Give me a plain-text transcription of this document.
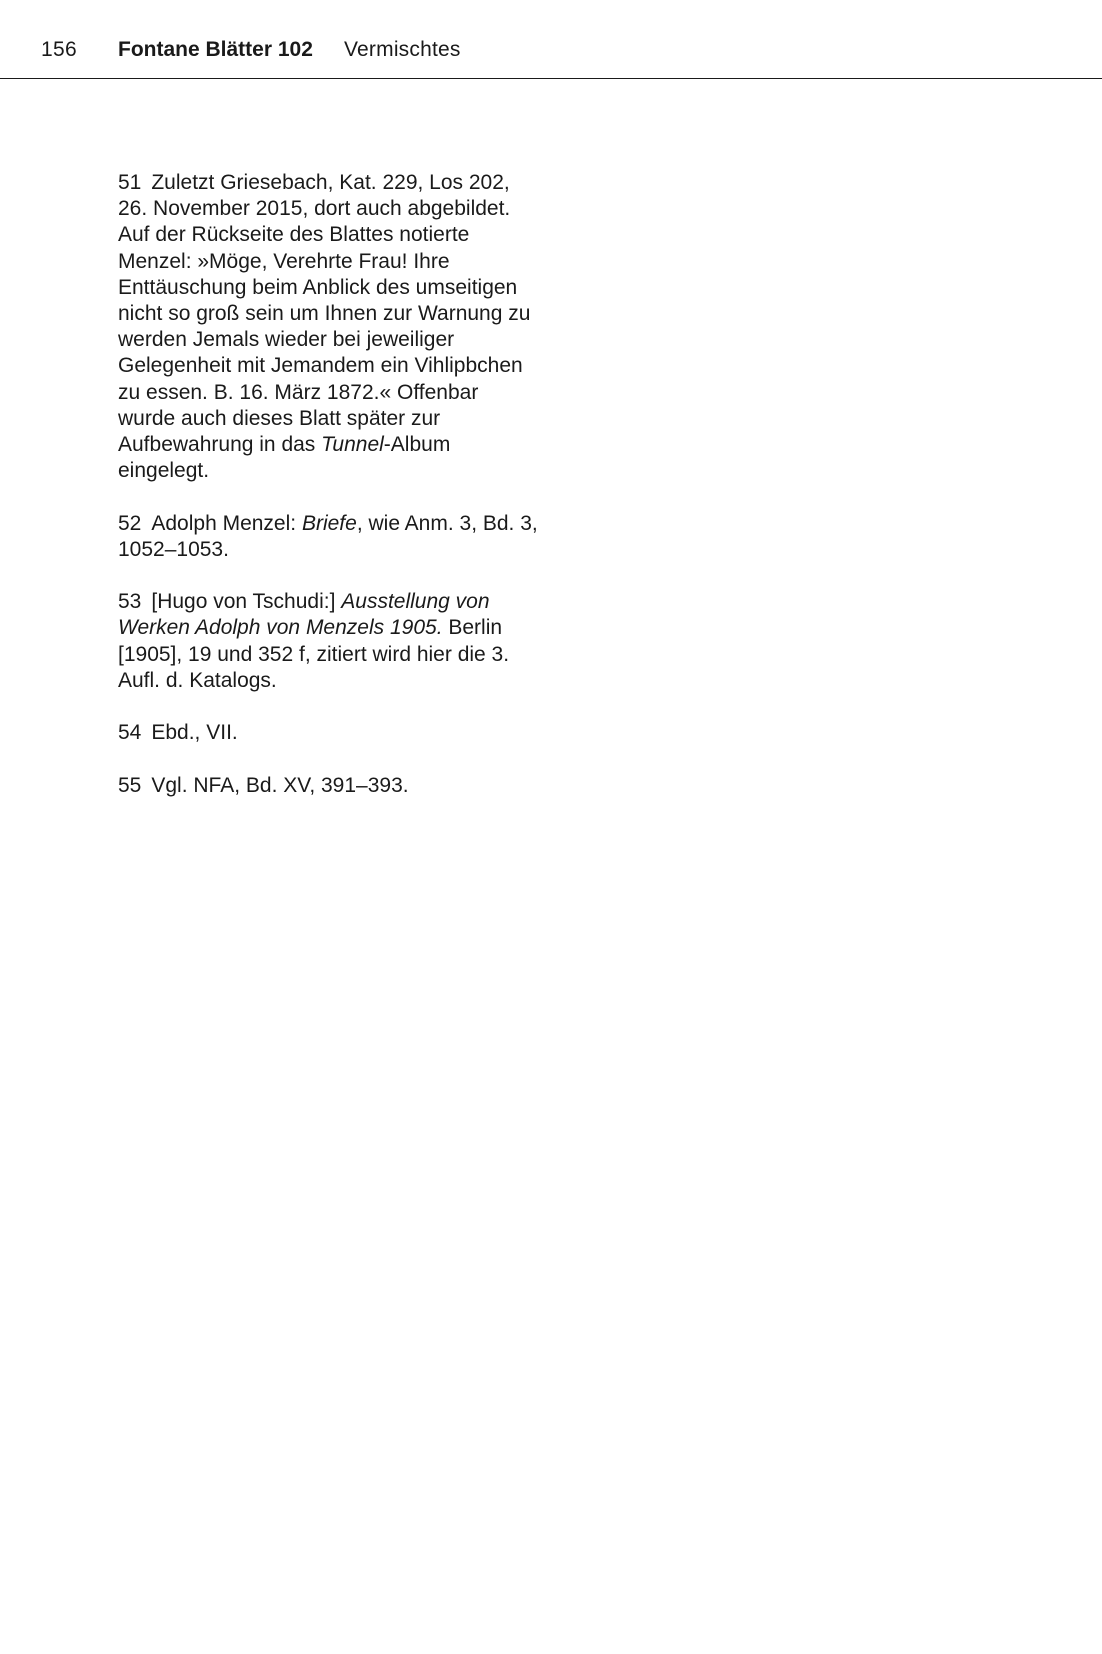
156 Fontane Blätter 102 Vermischtes

51 Zuletzt Griesebach, Kat. 229, Los 202, 26. November 2015, dort auch abgebildet. Auf der Rückseite des Blattes notierte Menzel: »Möge, Verehrte Frau! Ihre Enttäuschung beim Anblick des umseitigen nicht so groß sein um Ihnen zur Warnung zu werden Jemals wieder bei jeweiliger Gelegenheit mit Jemandem ein Vihlipbchen zu essen. B. 16. März 1872.« Offenbar wurde auch dieses Blatt später zur Aufbewahrung in das Tunnel-Album eingelegt.

52 Adolph Menzel: Briefe, wie Anm. 3, Bd. 3, 1052–1053.

53 [Hugo von Tschudi:] Ausstellung von Werken Adolph von Menzels 1905. Berlin [1905], 19 und 352 f, zitiert wird hier die 3. Aufl. d. Katalogs.

54 Ebd., VII.

55 Vgl. NFA, Bd. XV, 391–393.
